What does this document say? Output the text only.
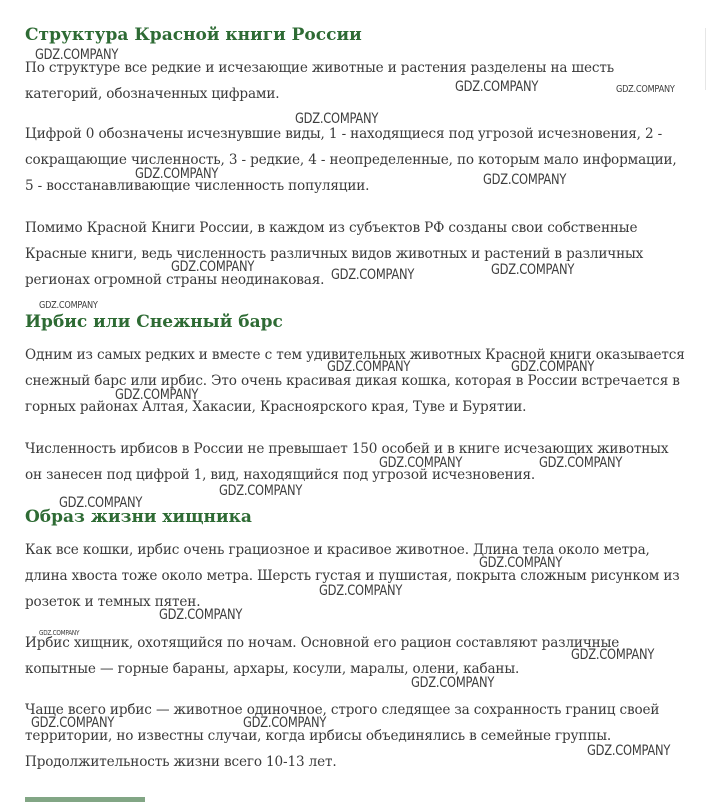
Структура Красной книги России

По структуре все редкие и исчезающие животные и растения разделены на шесть категорий, обозначенных цифрами.

Цифрой 0 обозначены исчезнувшие виды, 1 - находящиеся под угрозой исчезновения, 2 - сокращающие численность, 3 - редкие, 4 - неопределенные, по которым мало информации, 5 - восстанавливающие численность популяции.

Помимо Красной Книги России, в каждом из субъектов РФ созданы свои собственные Красные книги, ведь численность различных видов животных и растений в различных регионах огромной страны неодинаковая.

Ирбис или Снежный барс

Одним из самых редких и вместе с тем удивительных животных Красной книги оказывается снежный барс или ирбис. Это очень красивая дикая кошка, которая в России встречается в горных районах Алтая, Хакасии, Красноярского края, Туве и Бурятии.

Численность ирбисов в России не превышает 150 особей и в книге исчезающих животных он занесен под цифрой 1, вид, находящийся под угрозой исчезновения.

Образ жизни хищника

Как все кошки, ирбис очень грациозное и красивое животное. Длина тела около метра, длина хвоста тоже около метра. Шерсть густая и пушистая, покрыта сложным рисунком из розеток и темных пятен.

Ирбис хищник, охотящийся по ночам. Основной его рацион составляют различные копытные — горные бараны, архары, косули, маралы, олени, кабаны.

Чаще всего ирбис — животное одиночное, строго следящее за сохранность границ своей территории, но известны случаи, когда ирбисы объединялись в семейные группы. Продолжительность жизни всего 10-13 лет.

GDZ.COMPANY
GDZ.COMPANY	GDZ.COMPANY
GDZ.COMPANY
GDZ.COMPANY	GDZ.COMPANY
GDZ.COMPANY	GDZ.COMPANY	GDZ.COMPANY
GDZ.COMPANY
GDZ.COMPANY	GDZ.COMPANY
GDZ.COMPANY
GDZ.COMPANY	GDZ.COMPANY
GDZ.COMPANY
GDZ.COMPANY
GDZ.COMPANY
GDZ.COMPANY
GDZ.COMPANY
GDZ.COMPANY
GDZ.COMPANY
GDZ.COMPANY
GDZ.COMPANY	GDZ.COMPANY
GDZ.COMPANY
